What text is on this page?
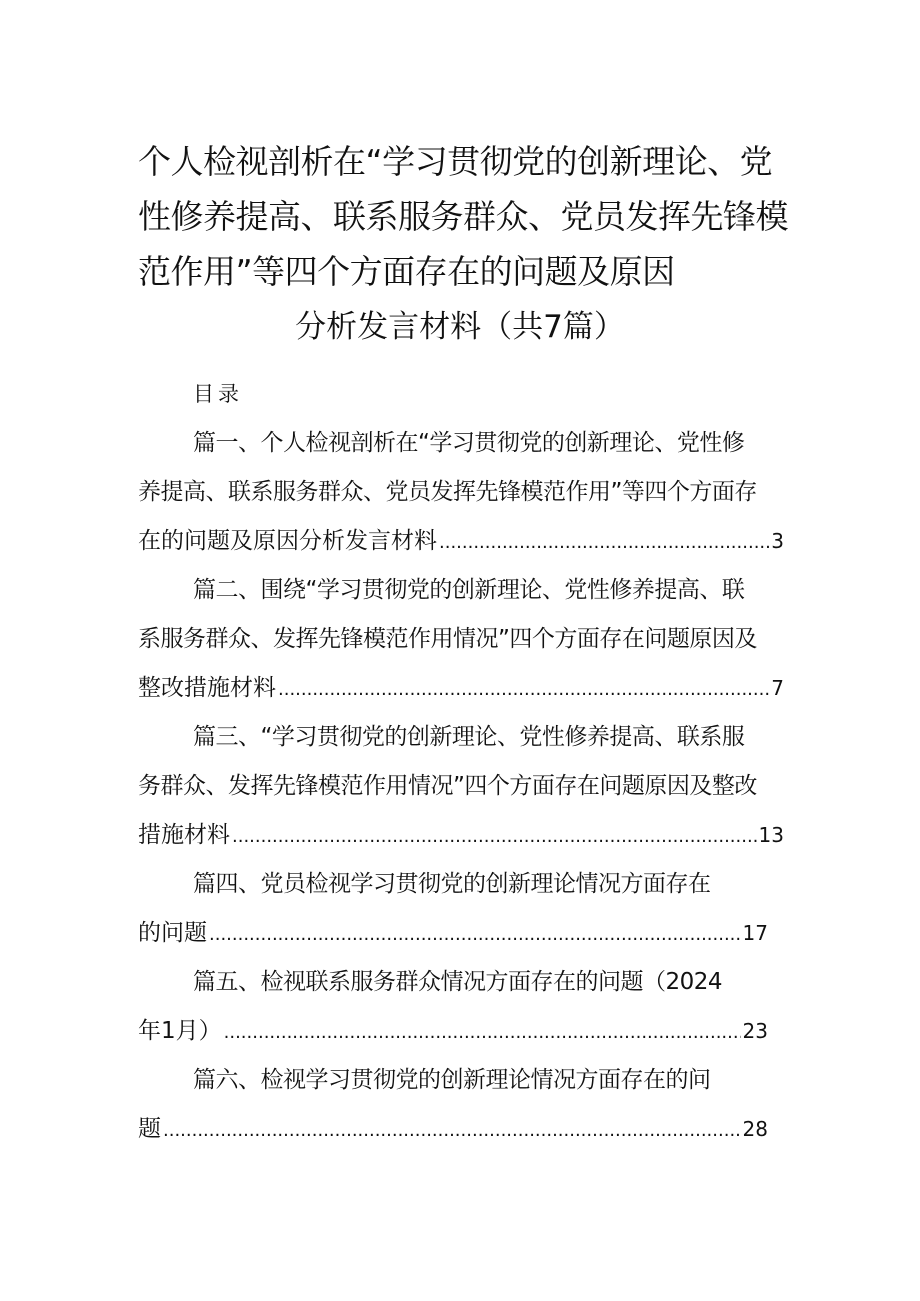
个人检视剖析在“学习贯彻党的创新理论、党
性修养提高、联系服务群众、党员发挥先锋模
范作用”等四个方面存在的问题及原因
分析发言材料（共7篇）
目录
篇一、个人检视剖析在“学习贯彻党的创新理论、党性修
养提高、联系服务群众、党员发挥先锋模范作用”等四个方面存
在的问题及原因分析发言材料 .....	3
篇二、围绕“学习贯彻党的创新理论、党性修养提高、联
系服务群众、发挥先锋模范作用情况”四个方面存在问题原因及
整改措施材料 .....	7
篇三、“学习贯彻党的创新理论、党性修养提高、联系服
务群众、发挥先锋模范作用情况”四个方面存在问题原因及整改
措施材料 .....	13
篇四、党员检视学习贯彻党的创新理论情况方面存在
的问题 .....	17
篇五、检视联系服务群众情况方面存在的问题（2024
年1月） .....	23
篇六、检视学习贯彻党的创新理论情况方面存在的问
题 .....	28
